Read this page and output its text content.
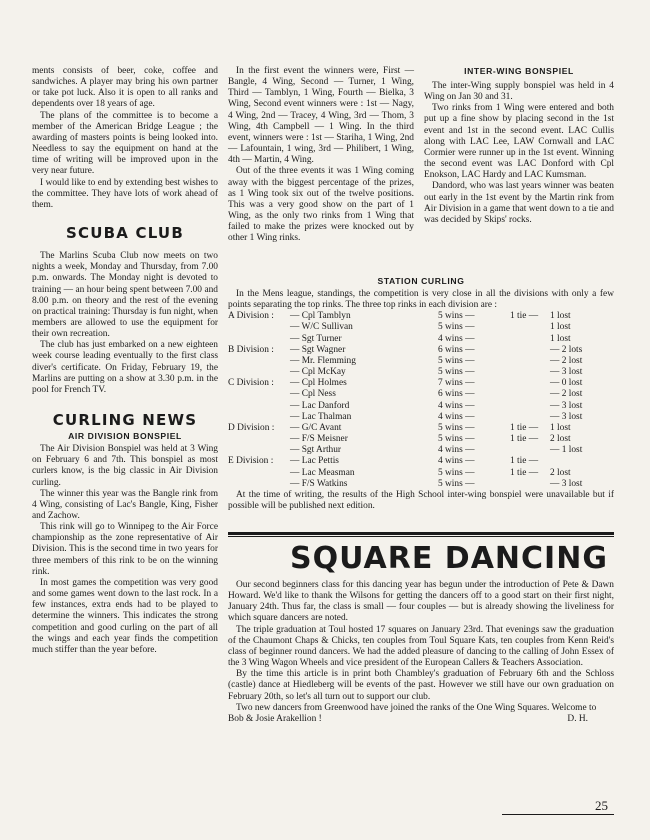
ments consists of beer, coke, coffee and sandwiches. A player may bring his own partner or take pot luck. Also it is open to all ranks and dependents over 18 years of age.

The plans of the committee is to become a member of the American Bridge League ; the awarding of masters points is being looked into. Needless to say the equipment on hand at the time of writing will be improved upon in the very near future.

I would like to end by extending best wishes to the committee. They have lots of work ahead of them.

SCUBA CLUB

The Marlins Scuba Club now meets on two nights a week, Monday and Thursday, from 7.00 p.m. onwards. The Monday night is devoted to training — an hour being spent between 7.00 and 8.00 p.m. on theory and the rest of the evening on practical training: Thursday is fun night, when members are allowed to use the equipment for their own recreation.

The club has just embarked on a new eighteen week course leading eventually to the first class diver's certificate. On Friday, February 19, the Marlins are putting on a show at 3.30 p.m. in the pool for French TV.

CURLING NEWS
AIR DIVISION BONSPIEL

The Air Division Bonspiel was held at 3 Wing on February 6 and 7th. This bonspiel as most curlers know, is the big classic in Air Division curling.

The winner this year was the Bangle rink from 4 Wing, consisting of Lac's Bangle, King, Fisher and Zachow.

This rink will go to Winnipeg to the Air Force championship as the zone representative of Air Division. This is the second time in two years for three members of this rink to be on the winning rink.

In most games the competition was very good and some games went down to the last rock. In a few instances, extra ends had to be played to determine the winners. This indicates the strong competition and good curling on the part of all the wings and each year finds the competition much stiffer than the year before.

In the first event the winners were, First — Bangle, 4 Wing, Second — Turner, 1 Wing, Third — Tamblyn, 1 Wing, Fourth — Bielka, 3 Wing, Second event winners were : 1st — Nagy, 4 Wing, 2nd — Tracey, 4 Wing, 3rd — Thom, 3 Wing, 4th Campbell — 1 Wing. In the third event, winners were : 1st — Stariha, 1 Wing, 2nd — Lafountain, 1 wing, 3rd — Philibert, 1 Wing, 4th — Martin, 4 Wing.

Out of the three events it was 1 Wing coming away with the biggest percentage of the prizes, as 1 Wing took six out of the twelve positions. This was a very good show on the part of 1 Wing, as the only two rinks from 1 Wing that failed to make the prizes were knocked out by other 1 Wing rinks.

INTER-WING BONSPIEL

The inter-Wing supply bonspiel was held in 4 Wing on Jan 30 and 31.

Two rinks from 1 Wing were entered and both put up a fine show by placing second in the 1st event and 1st in the second event. LAC Cullis along with LAC Lee, LAW Cornwall and LAC Cormier were runner up in the 1st event. Winning the second event was LAC Donford with Cpl Enokson, LAC Hardy and LAC Kumsman.

Dandord, who was last years winner was beaten out early in the 1st event by the Martin rink from Air Division in a game that went down to a tie and was decided by Skips' rocks.

STATION CURLING

In the Mens league, standings, the competition is very close in all the divisions with only a few points separating the top rinks. The three top rinks in each division are :

A Division :	— Cpl Tamblyn	5 wins —	1 tie —	1 lost
	— W/C Sullivan	5 wins —		1 lost
	— Sgt Turner	4 wins —		1 lost
B Division :	— Sgt Wagner	6 wins —		— 2 lots
	— Mr. Flemming	5 wins —		— 2 lost
	— Cpl McKay	5 wins —		— 3 lost
C Division :	— Cpl Holmes	7 wins —		— 0 lost
	— Cpl Ness	6 wins —		— 2 lost
	— Lac Danford	4 wins —		— 3 lost
	— Lac Thalman	4 wins —		— 3 lost
D Division :	— G/C Avant	5 wins —	1 tie —	1 lost
	— F/S Meisner	5 wins —	1 tie —	2 lost
	— Sgt Arthur	4 wins —		— 1 lost
E Division :	— Lac Pettis	4 wins —	1 tie —	
	— Lac Measman	5 wins —	1 tie —	2 lost
	— F/S Watkins	5 wins —		— 3 lost

At the time of writing, the results of the High School inter-wing bonspiel were unavailable but if possible will be published next edition.

SQUARE DANCING

Our second beginners class for this dancing year has begun under the introduction of Pete & Dawn Howard. We'd like to thank the Wilsons for getting the dancers off to a good start on their first night, January 24th. Thus far, the class is small — four couples — but is already showing the liveliness for which square dancers are noted.

The triple graduation at Toul hosted 17 squares on January 23rd. That evenings saw the graduation of the Chaumont Chaps & Chicks, ten couples from Toul Square Kats, ten couples from Kenn Reid's class of beginner round dancers. We had the added pleasure of dancing to the calling of John Essex of the 3 Wing Wagon Wheels and vice president of the European Callers & Teachers Association.

By the time this article is in print both Chambley's graduation of February 6th and the Schloss (castle) dance at Hiedleberg will be events of the past. However we still have our own graduation on February 20th, so let's all turn out to support our club.

Two new dancers from Greenwood have joined the ranks of the One Wing Squares. Welcome to Bob & Josie Arakellion !	D. H.

25
